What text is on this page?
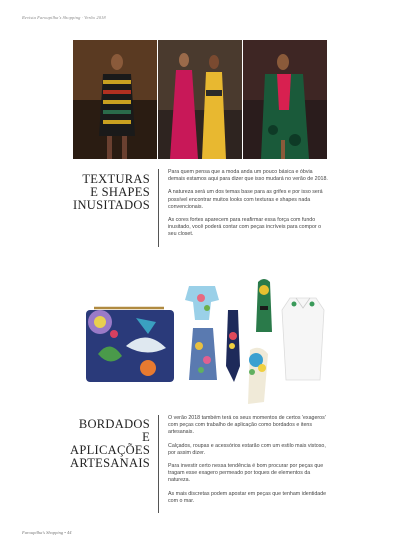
Revista Faroupilha's Shopping · Verão 2018
TEXTURAS
E SHAPES
INUSITADOS

Para quem pensa que a moda anda um pouco básica e óbvia demais estamos aqui para dizer que isso mudará no verão de 2018.

A natureza será um dos temas base para as grifes e por isso será possível encontrar muitos looks com texturas e shapes nada convencionais.

As cores fortes aparecem para reafirmar essa força com fundo inusitado, você poderá contar com peças incríveis para compor o seu closet.

BORDADOS E
APLICAÇÕES
ARTESANAIS

O verão 2018 também terá os seus momentos de certos 'exageros' com peças com trabalho de aplicação como bordados e itens artesanais.

Calçados, roupas e acessórios estarão com um estilo mais vistoso, por assim dizer.

Para investir certo nessa tendência é bom procurar por peças que tragam esse exagero permeado por toques de elementos da natureza.

As mais discretas podem apostar em peças que tenham identidade com o mar.

Faroupilha's Shopping • 44
